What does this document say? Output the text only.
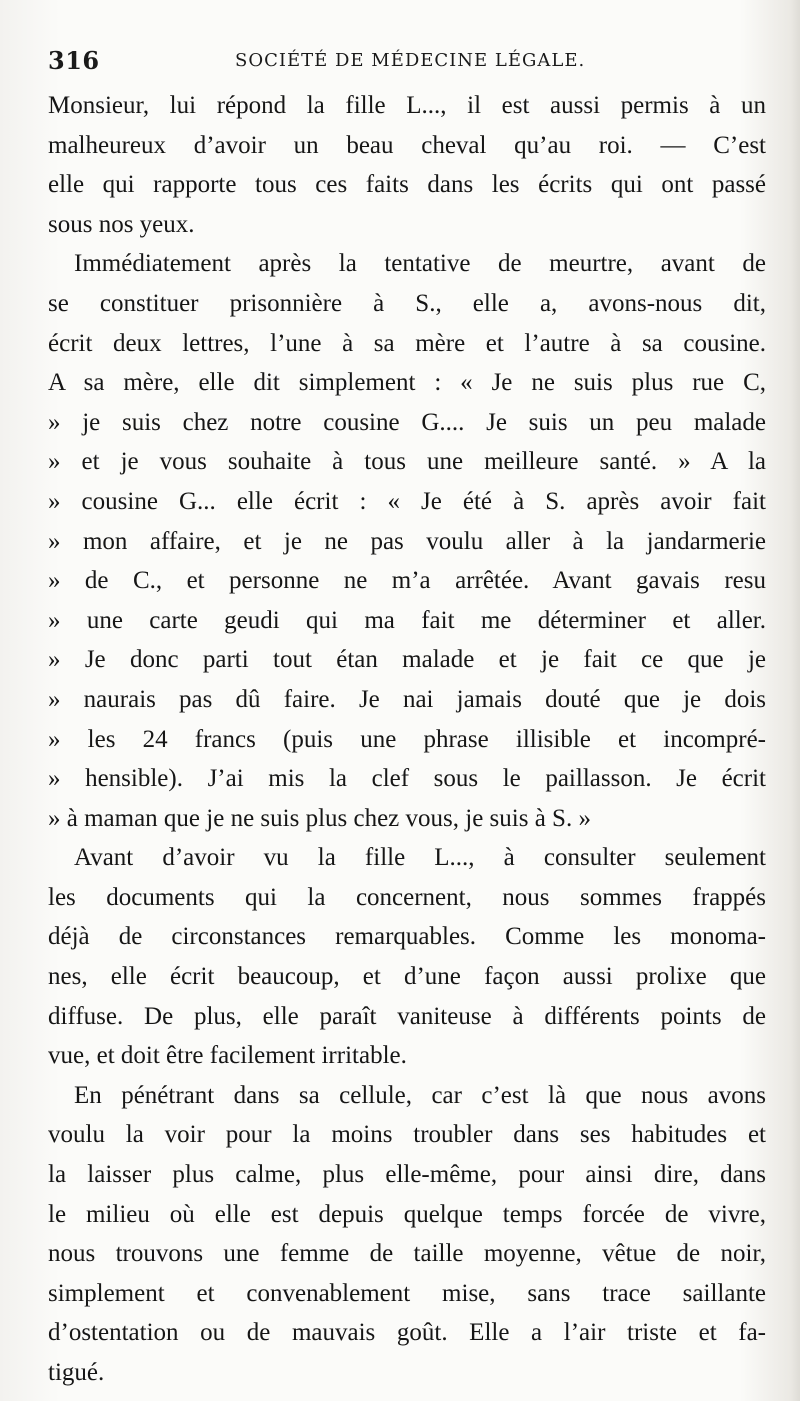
316	SOCIÉTÉ DE MÉDECINE LÉGALE.

Monsieur, lui répond la fille L..., il est aussi permis à un
malheureux d’avoir un beau cheval qu’au roi. — C’est
elle qui rapporte tous ces faits dans les écrits qui ont passé
sous nos yeux.

Immédiatement après la tentative de meurtre, avant de
se constituer prisonnière à S., elle a, avons-nous dit,
écrit deux lettres, l’une à sa mère et l’autre à sa cousine.
A sa mère, elle dit simplement : « Je ne suis plus rue C,
» je suis chez notre cousine G.... Je suis un peu malade
» et je vous souhaite à tous une meilleure santé. » A la
» cousine G... elle écrit : « Je été à S. après avoir fait
» mon affaire, et je ne pas voulu aller à la jandarmerie
» de C., et personne ne m’a arrêtée. Avant gavais resu
» une carte geudi qui ma fait me déterminer et aller.
» Je donc parti tout étan malade et je fait ce que je
» naurais pas dû faire. Je nai jamais douté que je dois
» les 24 francs (puis une phrase illisible et incompré-
» hensible). J’ai mis la clef sous le paillasson. Je écrit
» à maman que je ne suis plus chez vous, je suis à S. »

Avant d’avoir vu la fille L..., à consulter seulement
les documents qui la concernent, nous sommes frappés
déjà de circonstances remarquables. Comme les monoma-
nes, elle écrit beaucoup, et d’une façon aussi prolixe que
diffuse. De plus, elle paraît vaniteuse à différents points de
vue, et doit être facilement irritable.

En pénétrant dans sa cellule, car c’est là que nous avons
voulu la voir pour la moins troubler dans ses habitudes et
la laisser plus calme, plus elle-même, pour ainsi dire, dans
le milieu où elle est depuis quelque temps forcée de vivre,
nous trouvons une femme de taille moyenne, vêtue de noir,
simplement et convenablement mise, sans trace saillante
d’ostentation ou de mauvais goût. Elle a l’air triste et fa-
tigué.
